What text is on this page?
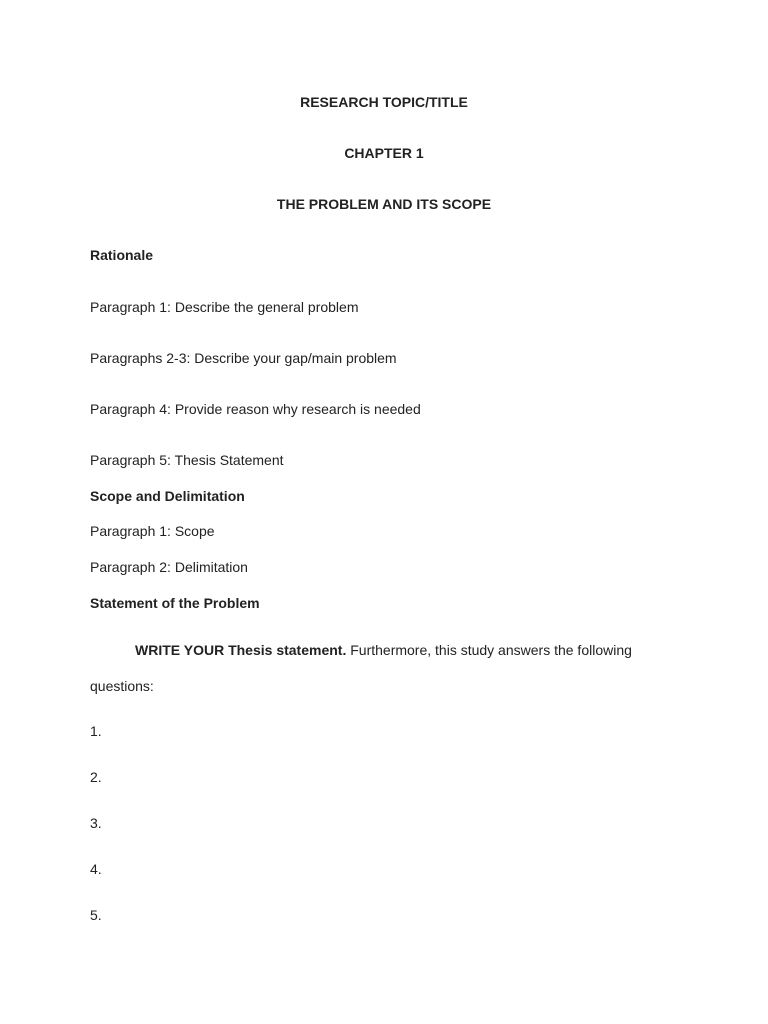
RESEARCH TOPIC/TITLE
CHAPTER 1
THE PROBLEM AND ITS SCOPE
Rationale

Paragraph 1: Describe the general problem

Paragraphs 2-3: Describe your gap/main problem

Paragraph 4: Provide reason why research is needed

Paragraph 5: Thesis Statement

Scope and Delimitation

Paragraph 1: Scope

Paragraph 2: Delimitation

Statement of the Problem

WRITE YOUR Thesis statement. Furthermore, this study answers the following

questions:

1.

2.

3.

4.

5.
